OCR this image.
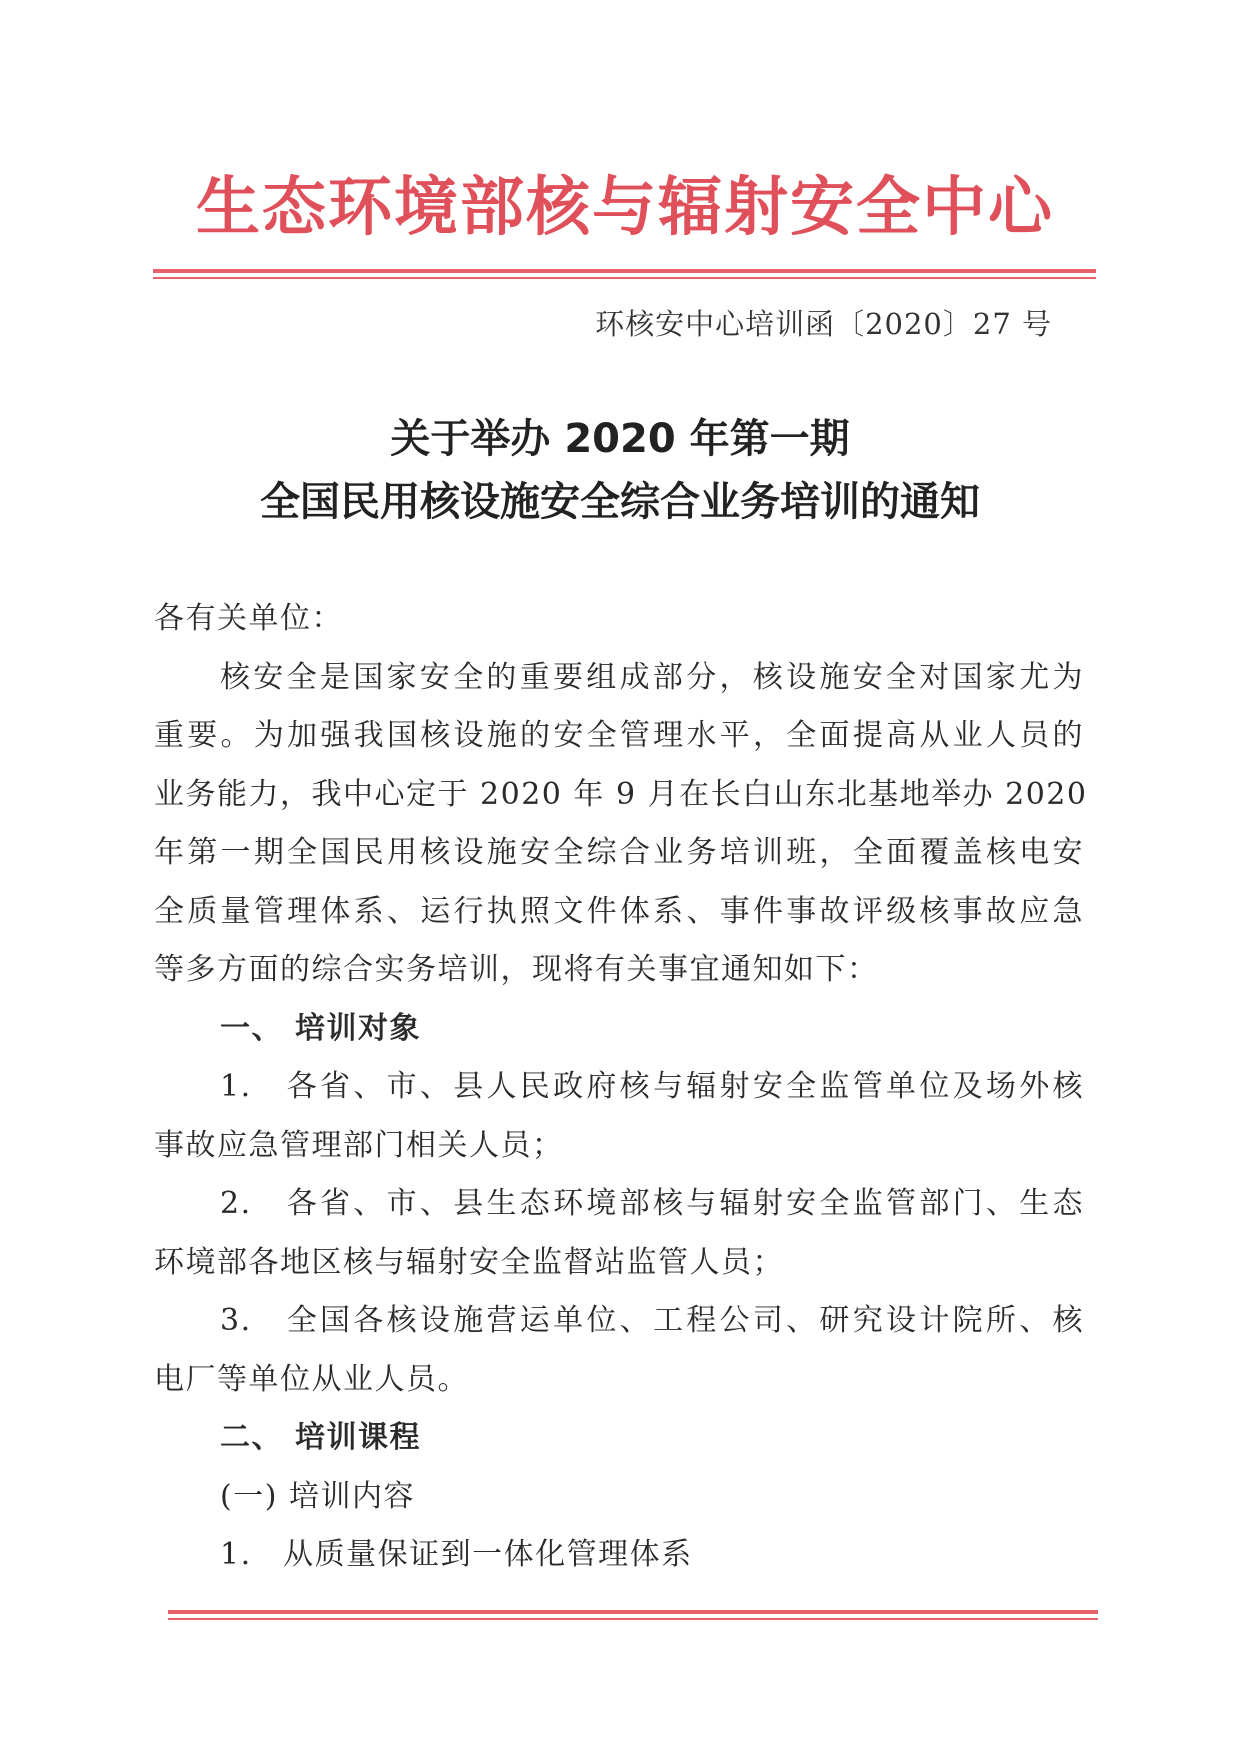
生态环境部核与辐射安全中心
环核安中心培训函〔2020〕27 号
关于举办 2020 年第一期
全国民用核设施安全综合业务培训的通知
各有关单位：
核安全是国家安全的重要组成部分，核设施安全对国家尤为
重要。为加强我国核设施的安全管理水平，全面提高从业人员的
业务能力，我中心定于 2020 年 9 月在长白山东北基地举办 2020
年第一期全国民用核设施安全综合业务培训班，全面覆盖核电安
全质量管理体系、运行执照文件体系、事件事故评级核事故应急
等多方面的综合实务培训，现将有关事宜通知如下：
一、 培训对象
1.　各省、市、县人民政府核与辐射安全监管单位及场外核
事故应急管理部门相关人员；
2.　各省、市、县生态环境部核与辐射安全监管部门、生态
环境部各地区核与辐射安全监督站监管人员；
3.　全国各核设施营运单位、工程公司、研究设计院所、核
电厂等单位从业人员。
二、 培训课程
(一) 培训内容
1.　从质量保证到一体化管理体系
